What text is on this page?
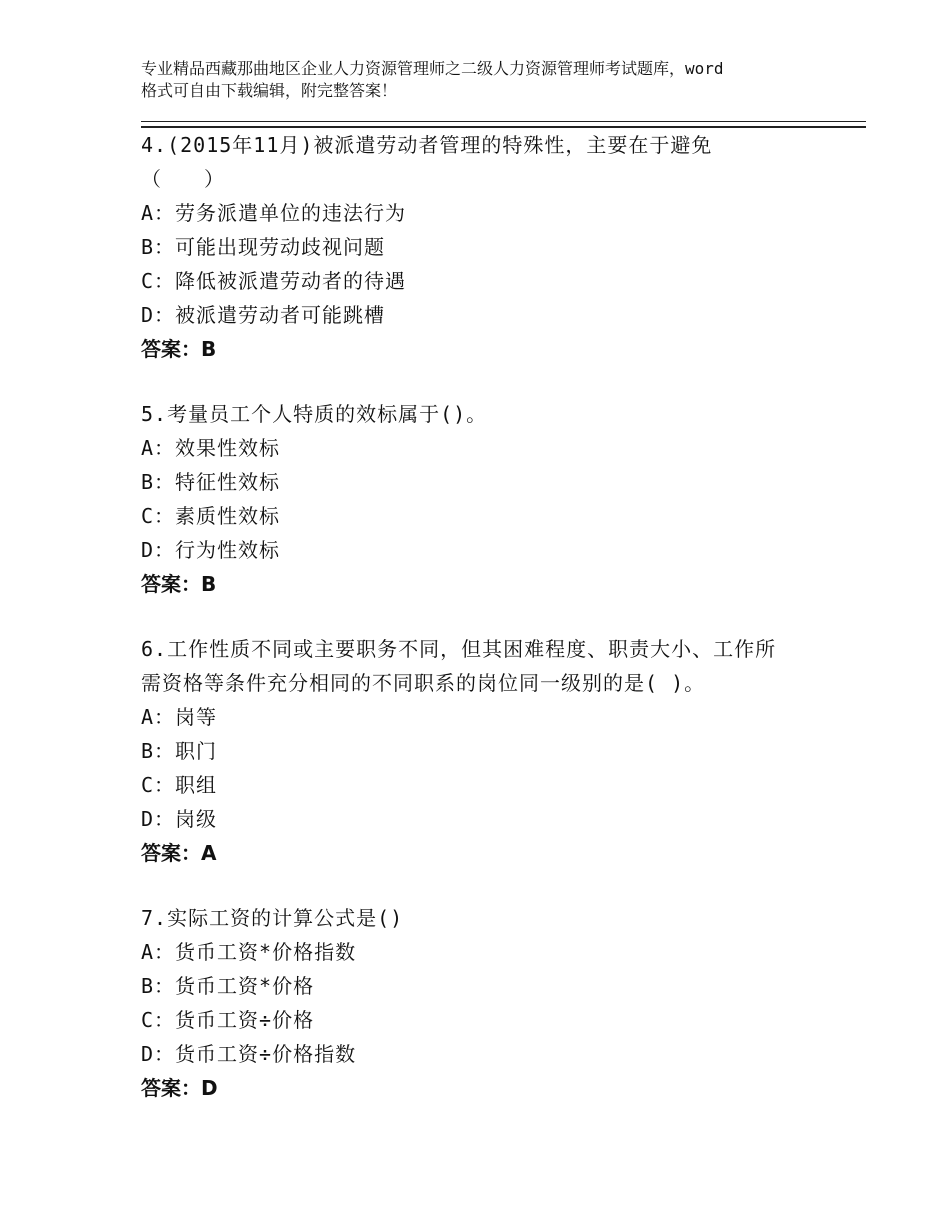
专业精品西藏那曲地区企业人力资源管理师之二级人力资源管理师考试题库，word
格式可自由下载编辑，附完整答案！
4.(2015年11月)被派遣劳动者管理的特殊性，主要在于避免
（　　）
A：劳务派遣单位的违法行为
B：可能出现劳动歧视问题
C：降低被派遣劳动者的待遇
D：被派遣劳动者可能跳槽
答案：B
5.考量员工个人特质的效标属于()。
A：效果性效标
B：特征性效标
C：素质性效标
D：行为性效标
答案：B
6.工作性质不同或主要职务不同，但其困难程度、职责大小、工作所
需资格等条件充分相同的不同职系的岗位同一级别的是( )。
A：岗等
B：职门
C：职组
D：岗级
答案：A
7.实际工资的计算公式是()
A：货币工资*价格指数
B：货币工资*价格
C：货币工资÷价格
D：货币工资÷价格指数
答案：D
